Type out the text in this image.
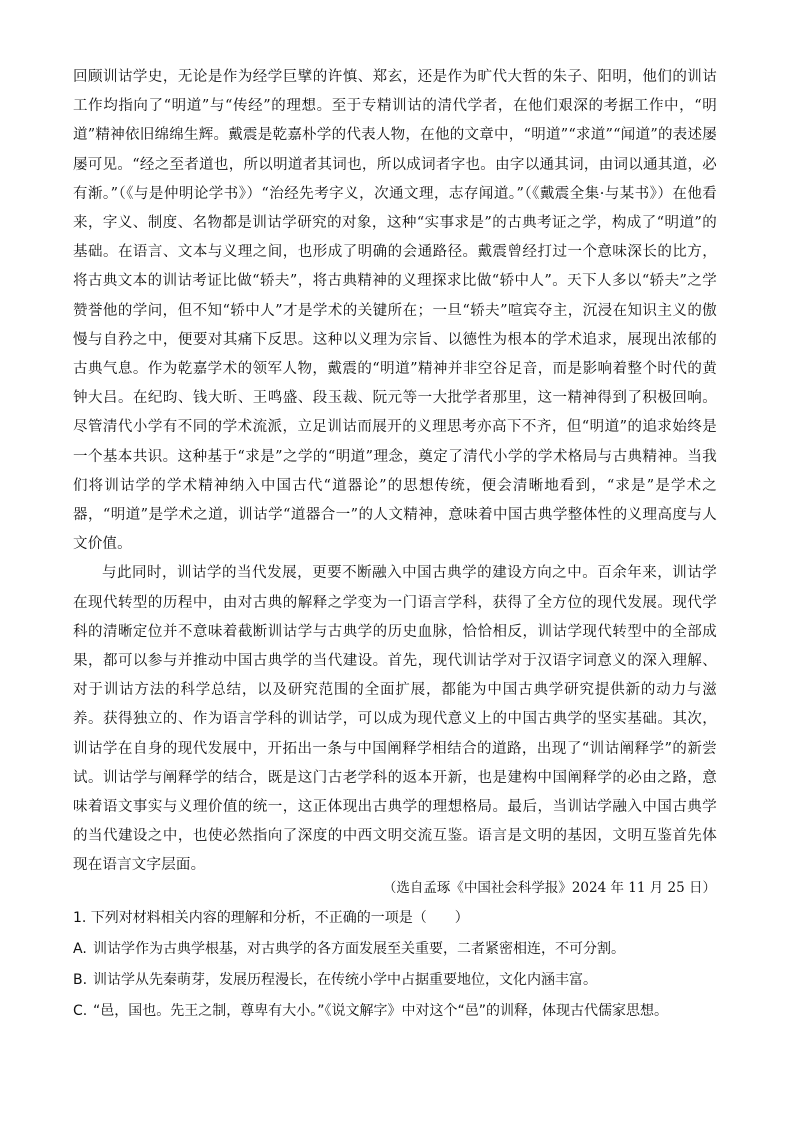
回顾训诂学史，无论是作为经学巨擘的许慎、郑玄，还是作为旷代大哲的朱子、阳明，他们的训诂工作均指向了“明道”与“传经”的理想。至于专精训诂的清代学者，在他们艰深的考据工作中，“明道”精神依旧绵绵生辉。戴震是乾嘉朴学的代表人物，在他的文章中，“明道”“求道”“闻道”的表述屡屡可见。“经之至者道也，所以明道者其词也，所以成词者字也。由字以通其词，由词以通其道，必有渐。”（《与是仲明论学书》）“治经先考字义，次通文理，志存闻道。”（《戴震全集·与某书》）在他看来，字义、制度、名物都是训诂学研究的对象，这种“实事求是”的古典考证之学，构成了“明道”的基础。在语言、文本与义理之间，也形成了明确的会通路径。戴震曾经打过一个意味深长的比方，将古典文本的训诂考证比做“轿夫”，将古典精神的义理探求比做“轿中人”。天下人多以“轿夫”之学赞誉他的学问，但不知“轿中人”才是学术的关键所在；一旦“轿夫”喧宾夺主，沉浸在知识主义的傲慢与自矜之中，便要对其痛下反思。这种以义理为宗旨、以德性为根本的学术追求，展现出浓郁的古典气息。作为乾嘉学术的领军人物，戴震的“明道”精神并非空谷足音，而是影响着整个时代的黄钟大吕。在纪昀、钱大昕、王鸣盛、段玉裁、阮元等一大批学者那里，这一精神得到了积极回响。尽管清代小学有不同的学术流派，立足训诂而展开的义理思考亦高下不齐，但“明道”的追求始终是一个基本共识。这种基于“求是”之学的“明道”理念，奠定了清代小学的学术格局与古典精神。当我们将训诂学的学术精神纳入中国古代“道器论”的思想传统，便会清晰地看到，“求是”是学术之器，“明道”是学术之道，训诂学“道器合一”的人文精神，意味着中国古典学整体性的义理高度与人文价值。

与此同时，训诂学的当代发展，更要不断融入中国古典学的建设方向之中。百余年来，训诂学在现代转型的历程中，由对古典的解释之学变为一门语言学科，获得了全方位的现代发展。现代学科的清晰定位并不意味着截断训诂学与古典学的历史血脉，恰恰相反，训诂学现代转型中的全部成果，都可以参与并推动中国古典学的当代建设。首先，现代训诂学对于汉语字词意义的深入理解、对于训诂方法的科学总结，以及研究范围的全面扩展，都能为中国古典学研究提供新的动力与滋养。获得独立的、作为语言学科的训诂学，可以成为现代意义上的中国古典学的坚实基础。其次，训诂学在自身的现代发展中，开拓出一条与中国阐释学相结合的道路，出现了“训诂阐释学”的新尝试。训诂学与阐释学的结合，既是这门古老学科的返本开新，也是建构中国阐释学的必由之路，意味着语文事实与义理价值的统一，这正体现出古典学的理想格局。最后，当训诂学融入中国古典学的当代建设之中，也使必然指向了深度的中西文明交流互鉴。语言是文明的基因，文明互鉴首先体现在语言文字层面。

（选自孟琢《中国社会科学报》2024 年 11 月 25 日）

1. 下列对材料相关内容的理解和分析，不正确的一项是（　　）

A. 训诂学作为古典学根基，对古典学的各方面发展至关重要，二者紧密相连，不可分割。

B. 训诂学从先秦萌芽，发展历程漫长，在传统小学中占据重要地位，文化内涵丰富。

C. “邑，国也。先王之制，尊卑有大小。”《说文解字》中对这个“邑”的训释，体现古代儒家思想。
